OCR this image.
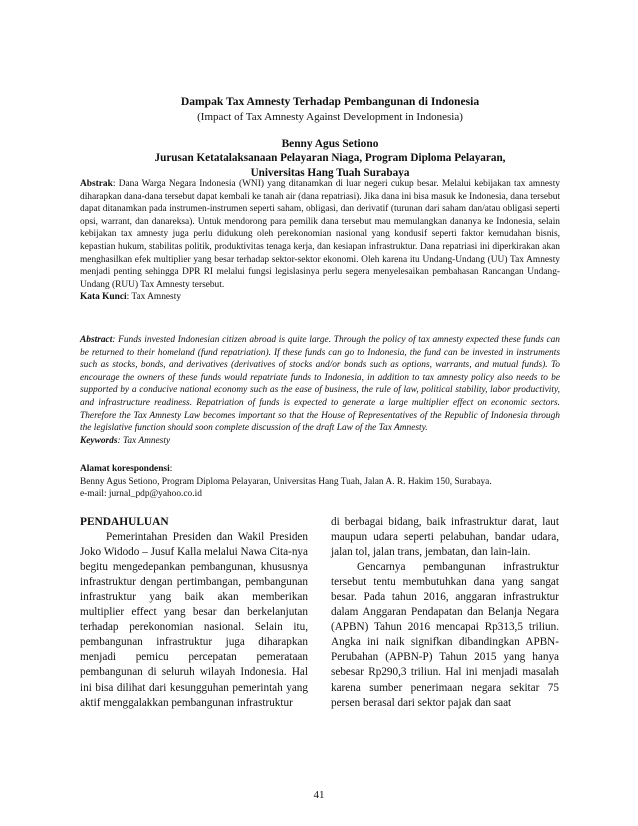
Dampak Tax Amnesty Terhadap Pembangunan di Indonesia
(Impact of Tax Amnesty Against Development in Indonesia)
Benny Agus Setiono
Jurusan Ketatalaksanaan Pelayaran Niaga, Program Diploma Pelayaran,
Universitas Hang Tuah Surabaya
Abstrak: Dana Warga Negara Indonesia (WNI) yang ditanamkan di luar negeri cukup besar. Melalui kebijakan tax amnesty diharapkan dana-dana tersebut dapat kembali ke tanah air (dana repatriasi). Jika dana ini bisa masuk ke Indonesia, dana tersebut dapat ditanamkan pada instrumen-instrumen seperti saham, obligasi, dan derivatif (turunan dari saham dan/atau obligasi seperti opsi, warrant, dan danareksa). Untuk mendorong para pemilik dana tersebut mau memulangkan dananya ke Indonesia, selain kebijakan tax amnesty juga perlu didukung oleh perekonomian nasional yang kondusif seperti faktor kemudahan bisnis, kepastian hukum, stabilitas politik, produktivitas tenaga kerja, dan kesiapan infrastruktur. Dana repatriasi ini diperkirakan akan menghasilkan efek multiplier yang besar terhadap sektor-sektor ekonomi. Oleh karena itu Undang-Undang (UU) Tax Amnesty menjadi penting sehingga DPR RI melalui fungsi legislasinya perlu segera menyelesaikan pembahasan Rancangan Undang-Undang (RUU) Tax Amnesty tersebut.
Kata Kunci: Tax Amnesty
Abstract: Funds invested Indonesian citizen abroad is quite large. Through the policy of tax amnesty expected these funds can be returned to their homeland (fund repatriation). If these funds can go to Indonesia, the fund can be invested in instruments such as stocks, bonds, and derivatives (derivatives of stocks and/or bonds such as options, warrants, and mutual funds). To encourage the owners of these funds would repatriate funds to Indonesia, in addition to tax amnesty policy also needs to be supported by a conducive national economy such as the ease of business, the rule of law, political stability, labor productivity, and infrastructure readiness. Repatriation of funds is expected to generate a large multiplier effect on economic sectors. Therefore the Tax Amnesty Law becomes important so that the House of Representatives of the Republic of Indonesia through the legislative function should soon complete discussion of the draft Law of the Tax Amnesty.
Keywords: Tax Amnesty
Alamat korespondensi:
Benny Agus Setiono, Program Diploma Pelayaran, Universitas Hang Tuah, Jalan A. R. Hakim 150, Surabaya.
e-mail: jurnal_pdp@yahoo.co.id
PENDAHULUAN
Pemerintahan Presiden dan Wakil Presiden Joko Widodo – Jusuf Kalla melalui Nawa Cita-nya begitu mengedepankan pembangunan, khususnya infrastruktur dengan pertimbangan, pembangunan infrastruktur yang baik akan memberikan multiplier effect yang besar dan berkelanjutan terhadap perekonomian nasional. Selain itu, pembangunan infrastruktur juga diharapkan menjadi pemicu percepatan pemerataan pembangunan di seluruh wilayah Indonesia. Hal ini bisa dilihat dari kesungguhan pemerintah yang aktif menggalakkan pembangunan infrastruktur
di berbagai bidang, baik infrastruktur darat, laut maupun udara seperti pelabuhan, bandar udara, jalan tol, jalan trans, jembatan, dan lain-lain.
Gencarnya pembangunan infrastruktur tersebut tentu membutuhkan dana yang sangat besar. Pada tahun 2016, anggaran infrastruktur dalam Anggaran Pendapatan dan Belanja Negara (APBN) Tahun 2016 mencapai Rp313,5 triliun. Angka ini naik signifkan dibandingkan APBN-Perubahan (APBN-P) Tahun 2015 yang hanya sebesar Rp290,3 triliun. Hal ini menjadi masalah karena sumber penerimaan negara sekitar 75 persen berasal dari sektor pajak dan saat
41
